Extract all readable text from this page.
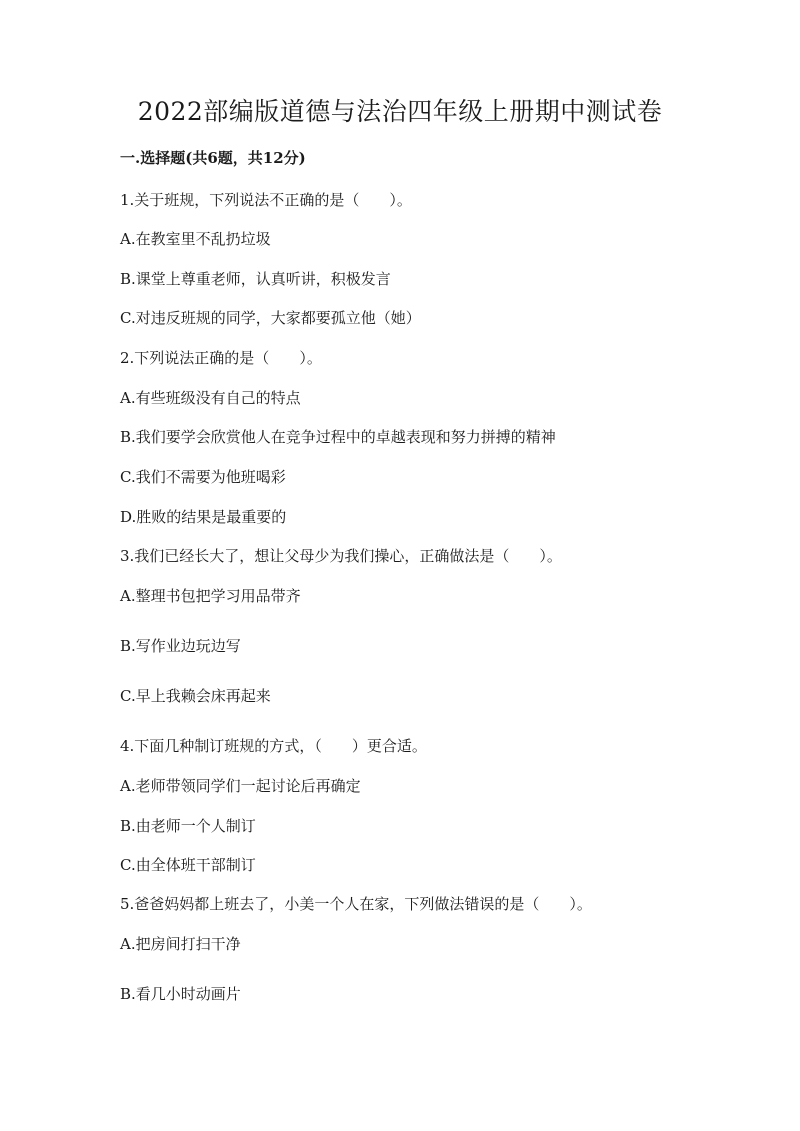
2022部编版道德与法治四年级上册期中测试卷
一.选择题(共6题，共12分)
1.关于班规，下列说法不正确的是（　　）。
A.在教室里不乱扔垃圾
B.课堂上尊重老师，认真听讲，积极发言
C.对违反班规的同学，大家都要孤立他（她）
2.下列说法正确的是（　　）。
A.有些班级没有自己的特点
B.我们要学会欣赏他人在竞争过程中的卓越表现和努力拼搏的精神
C.我们不需要为他班喝彩
D.胜败的结果是最重要的
3.我们已经长大了，想让父母少为我们操心，正确做法是（　　）。
A.整理书包把学习用品带齐
B.写作业边玩边写
C.早上我赖会床再起来
4.下面几种制订班规的方式，（　　）更合适。
A.老师带领同学们一起讨论后再确定
B.由老师一个人制订
C.由全体班干部制订
5.爸爸妈妈都上班去了，小美一个人在家，下列做法错误的是（　　）。
A.把房间打扫干净
B.看几小时动画片
